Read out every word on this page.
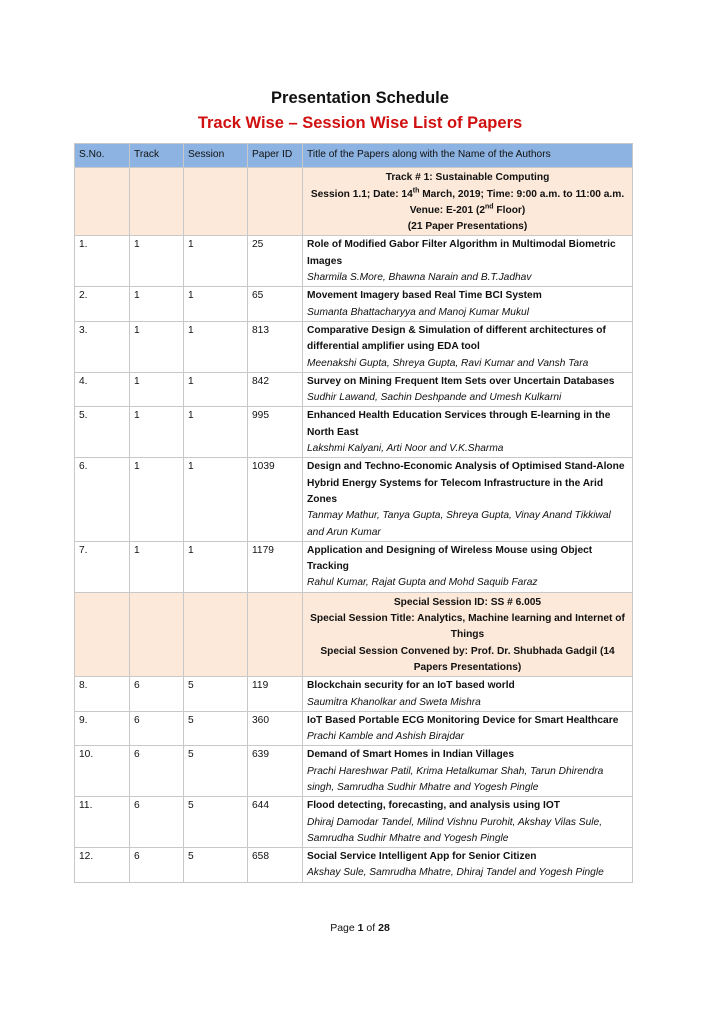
Presentation Schedule
Track Wise – Session Wise List of Papers
S.No.	Track	Session	Paper ID	Title of the Papers along with the Name of the Authors

				Track # 1: Sustainable Computing
Session 1.1; Date: 14th March, 2019; Time: 9:00 a.m. to 11:00 a.m. Venue: E-201 (2nd Floor)
(21 Paper Presentations)

1.	1	1	25	Role of Modified Gabor Filter Algorithm in Multimodal Biometric Images
Sharmila S.More, Bhawna Narain and B.T.Jadhav

2.	1	1	65	Movement Imagery based Real Time BCI System
Sumanta Bhattacharyya and Manoj Kumar Mukul

3.	1	1	813	Comparative Design & Simulation of different architectures of differential amplifier using EDA tool
Meenakshi Gupta, Shreya Gupta, Ravi Kumar and Vansh Tara

4.	1	1	842	Survey on Mining Frequent Item Sets over Uncertain Databases
Sudhir Lawand, Sachin Deshpande and Umesh Kulkarni

5.	1	1	995	Enhanced Health Education Services through E-learning in the North East
Lakshmi Kalyani, Arti Noor and V.K.Sharma

6.	1	1	1039	Design and Techno-Economic Analysis of Optimised Stand-Alone Hybrid Energy Systems for Telecom Infrastructure in the Arid Zones
Tanmay Mathur, Tanya Gupta, Shreya Gupta, Vinay Anand Tikkiwal and Arun Kumar

7.	1	1	1179	Application and Designing of Wireless Mouse using Object Tracking
Rahul Kumar, Rajat Gupta and Mohd Saquib Faraz

				Special Session ID: SS # 6.005
Special Session Title: Analytics, Machine learning and Internet of Things
Special Session Convened by: Prof. Dr. Shubhada Gadgil (14 Papers Presentations)

8.	6	5	119	Blockchain security for an IoT based world
Saumitra Khanolkar and Sweta Mishra

9.	6	5	360	IoT Based Portable ECG Monitoring Device for Smart Healthcare
Prachi Kamble and Ashish Birajdar

10.	6	5	639	Demand of Smart Homes in Indian Villages
Prachi Hareshwar Patil, Krima Hetalkumar Shah, Tarun Dhirendra singh, Samrudha Sudhir Mhatre and Yogesh Pingle

11.	6	5	644	Flood detecting, forecasting, and analysis using IOT
Dhiraj Damodar Tandel, Milind Vishnu Purohit, Akshay Vilas Sule, Samrudha Sudhir Mhatre and Yogesh Pingle

12.	6	5	658	Social Service Intelligent App for Senior Citizen
Akshay Sule, Samrudha Mhatre, Dhiraj Tandel and Yogesh Pingle
Page 1 of 28
